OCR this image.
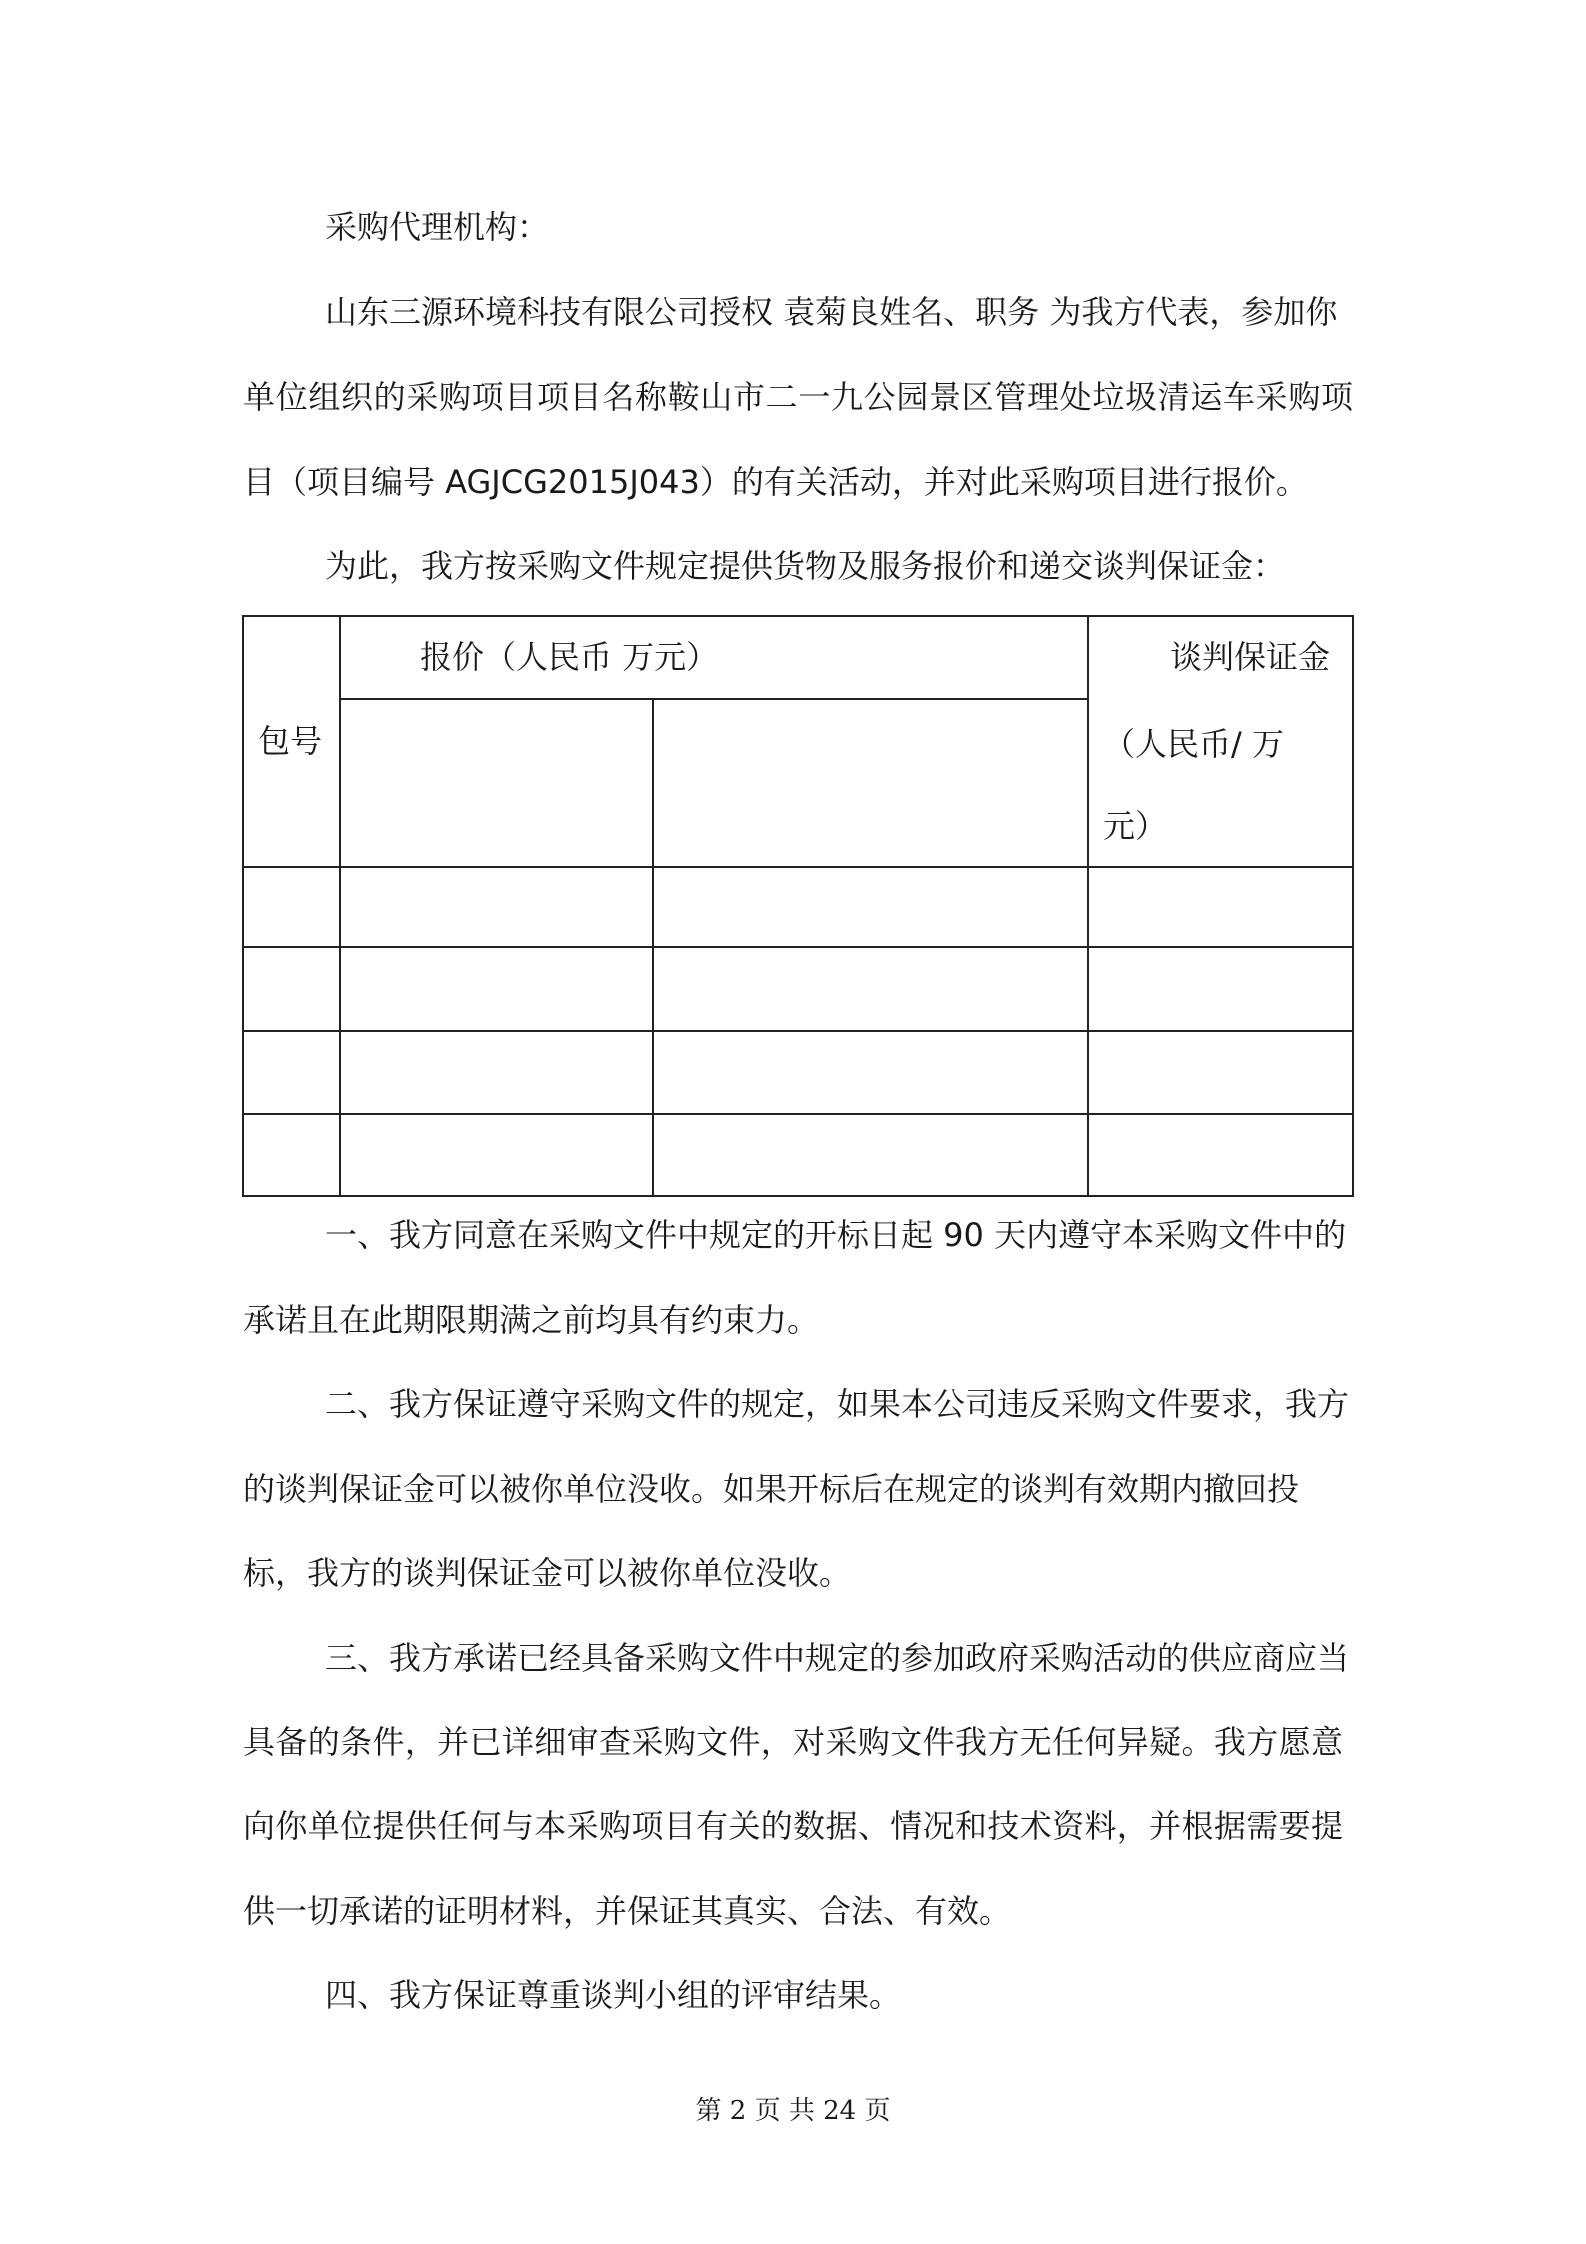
采购代理机构：

山东三源环境科技有限公司授权 袁菊良姓名、职务 为我方代表，参加你

单位组织的采购项目项目名称鞍山市二一九公园景区管理处垃圾清运车采购项

目（项目编号 AGJCG2015J043）的有关活动，并对此采购项目进行报价。

为此，我方按采购文件规定提供货物及服务报价和递交谈判保证金：

包号
报价（人民币 万元）	谈判保证金
（人民币/ 万
元）

一、我方同意在采购文件中规定的开标日起 90 天内遵守本采购文件中的

承诺且在此期限期满之前均具有约束力。

二、我方保证遵守采购文件的规定，如果本公司违反采购文件要求，我方

的谈判保证金可以被你单位没收。如果开标后在规定的谈判有效期内撤回投

标，我方的谈判保证金可以被你单位没收。

三、我方承诺已经具备采购文件中规定的参加政府采购活动的供应商应当

具备的条件，并已详细审查采购文件，对采购文件我方无任何异疑。我方愿意

向你单位提供任何与本采购项目有关的数据、情况和技术资料，并根据需要提

供一切承诺的证明材料，并保证其真实、合法、有效。

四、我方保证尊重谈判小组的评审结果。

第 2 页 共 24 页
